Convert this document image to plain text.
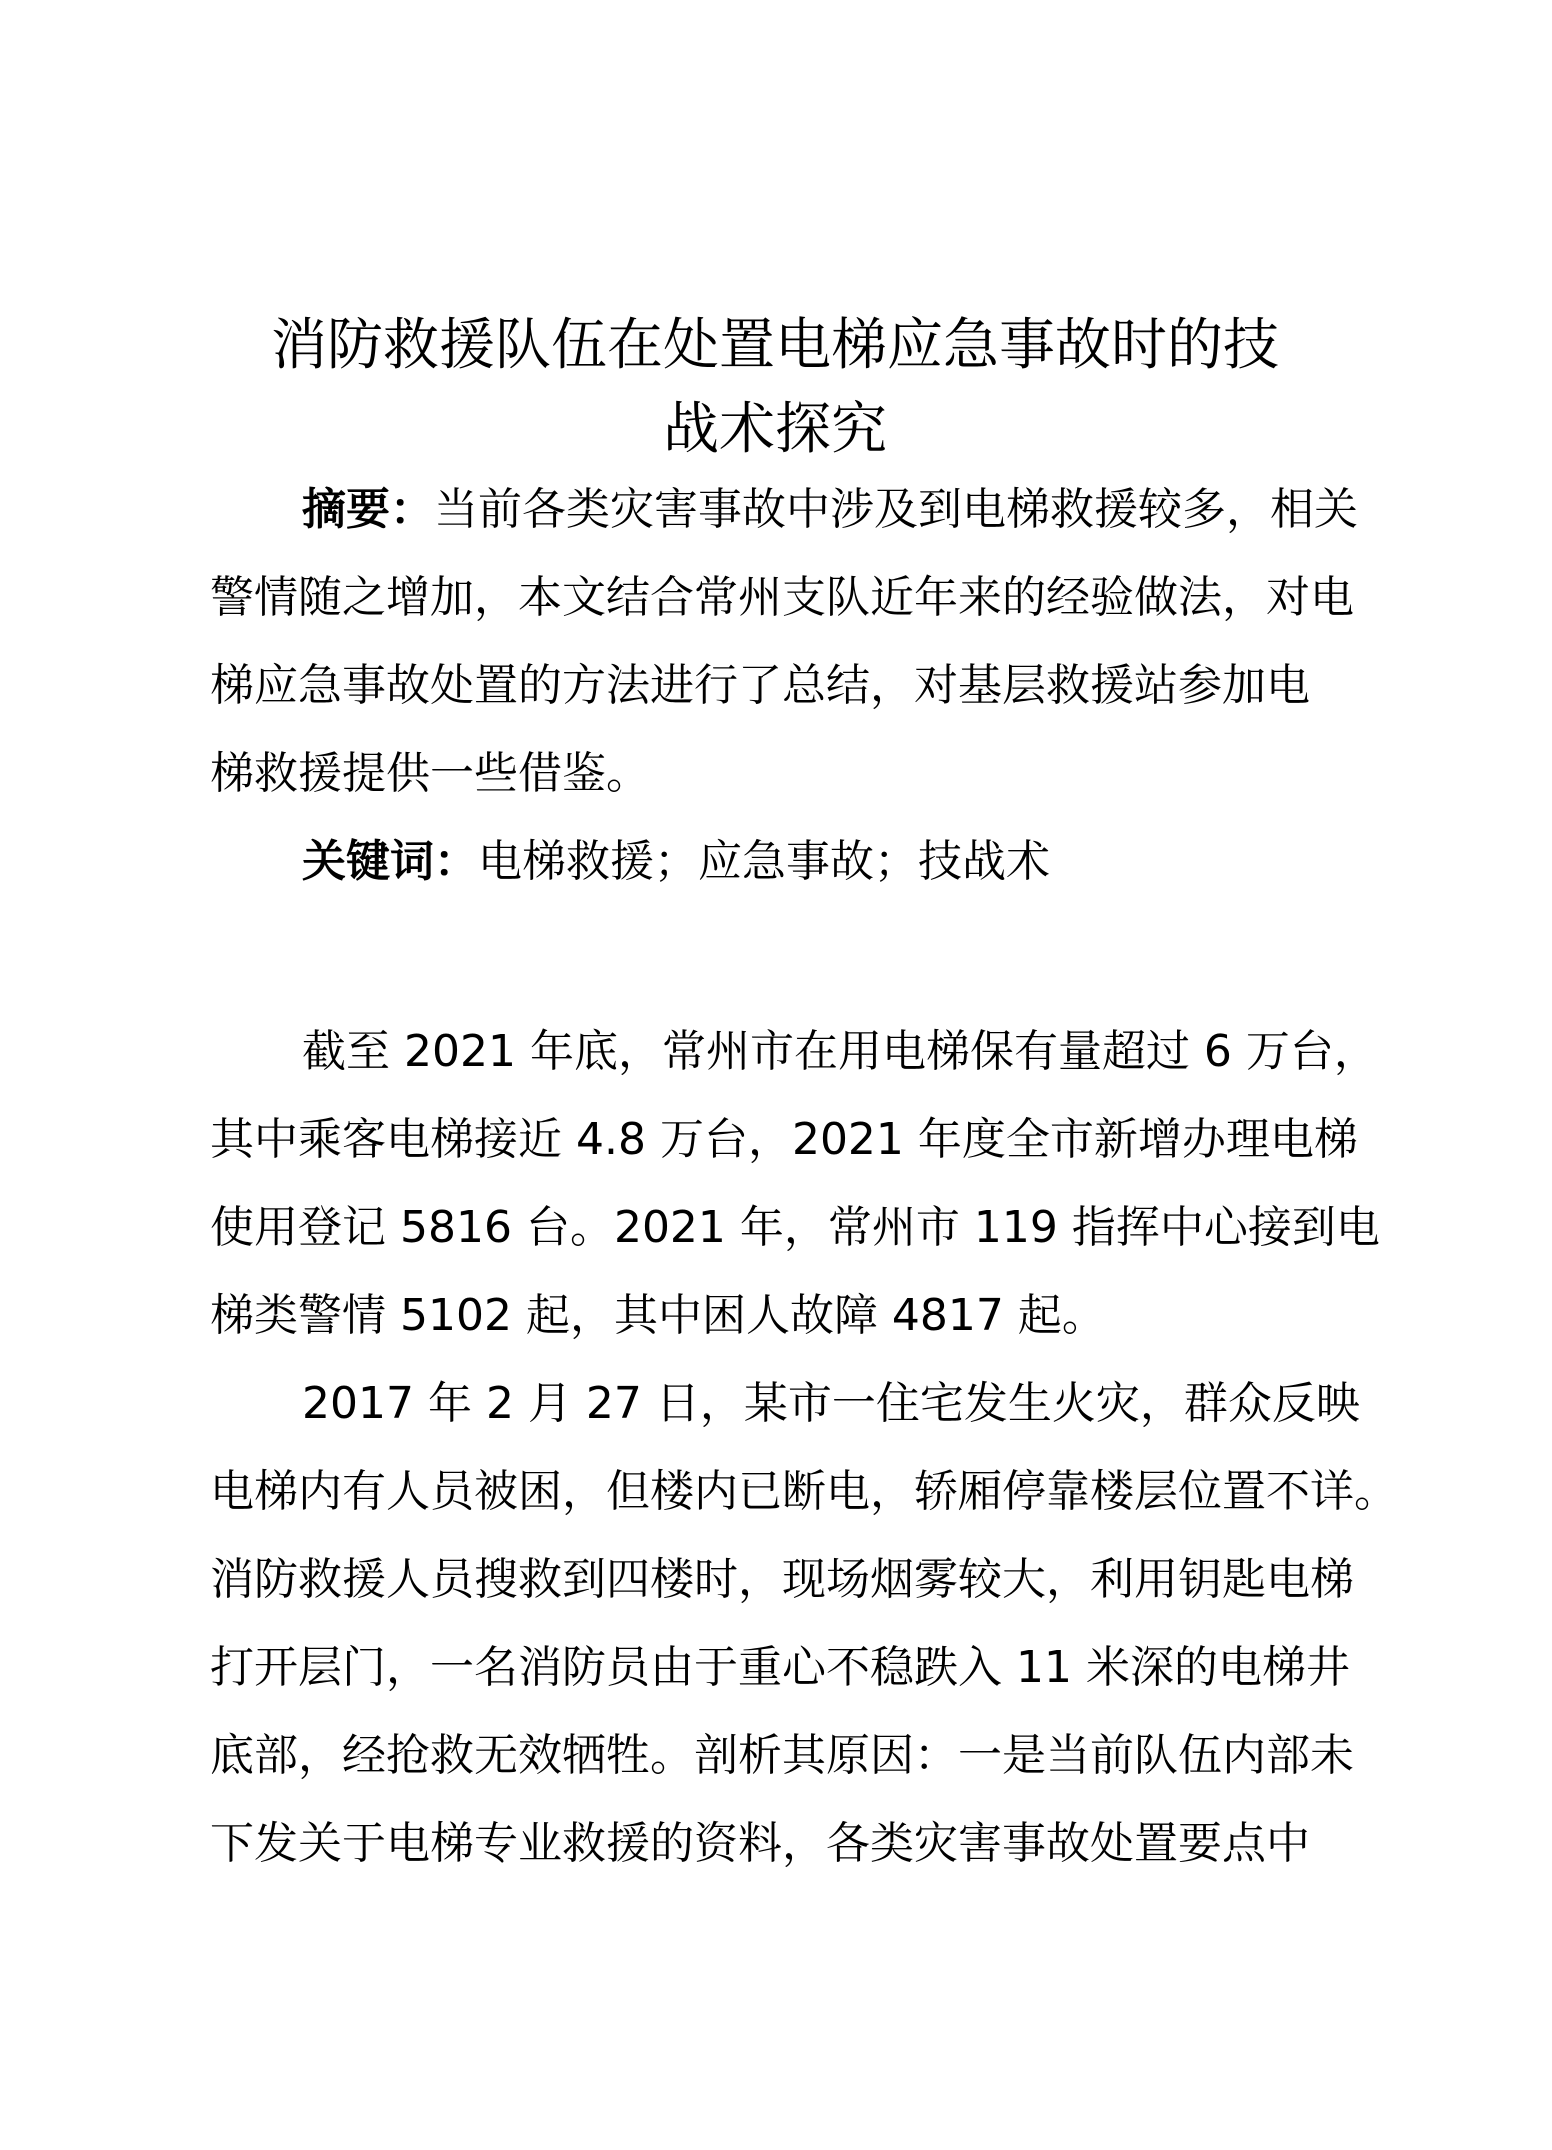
消防救援队伍在处置电梯应急事故时的技
战术探究
摘要：当前各类灾害事故中涉及到电梯救援较多，相关
警情随之增加，本文结合常州支队近年来的经验做法，对电
梯应急事故处置的方法进行了总结，对基层救援站参加电
梯救援提供一些借鉴。
关键词：电梯救援；应急事故；技战术
截至 2021 年底，常州市在用电梯保有量超过 6 万台，
其中乘客电梯接近 4.8 万台，2021 年度全市新增办理电梯
使用登记 5816 台。2021 年，常州市 119 指挥中心接到电
梯类警情 5102 起，其中困人故障 4817 起。
2017 年 2 月 27 日，某市一住宅发生火灾，群众反映
电梯内有人员被困，但楼内已断电，轿厢停靠楼层位置不详。
消防救援人员搜救到四楼时，现场烟雾较大，利用钥匙电梯
打开层门，一名消防员由于重心不稳跌入 11 米深的电梯井
底部，经抢救无效牺牲。剖析其原因：一是当前队伍内部未
下发关于电梯专业救援的资料，各类灾害事故处置要点中
